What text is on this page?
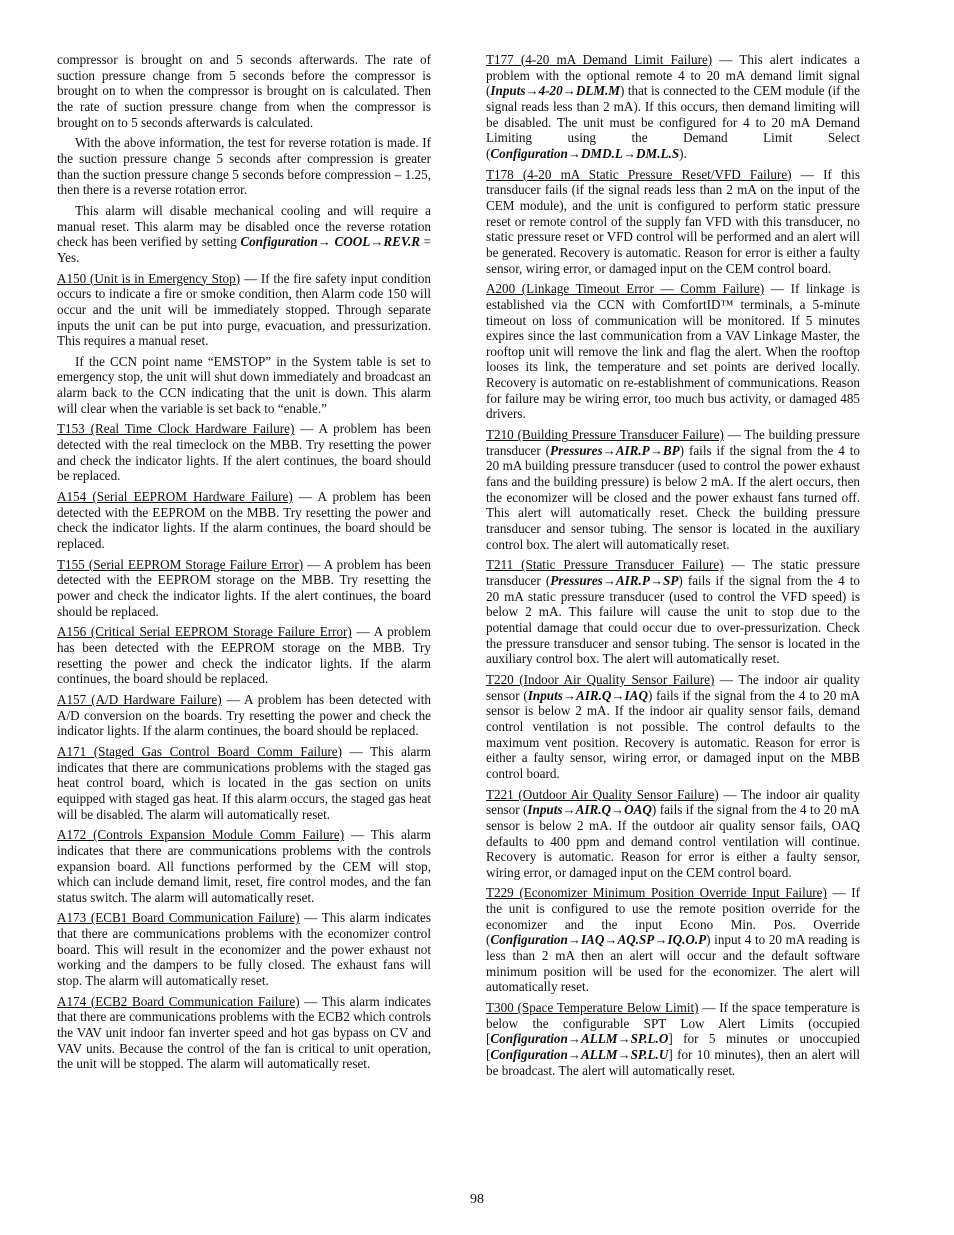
compressor is brought on and 5 seconds afterwards. The rate of suction pressure change from 5 seconds before the compressor is brought on to when the compressor is brought on is calculated. Then the rate of suction pressure change from when the compressor is brought on to 5 seconds afterwards is calculated.

With the above information, the test for reverse rotation is made. If the suction pressure change 5 seconds after compression is greater than the suction pressure change 5 seconds before compression – 1.25, then there is a reverse rotation error.

This alarm will disable mechanical cooling and will require a manual reset. This alarm may be disabled once the reverse rotation check has been verified by setting Configuration→ COOL→REV.R = Yes.

A150 (Unit is in Emergency Stop) — If the fire safety input condition occurs to indicate a fire or smoke condition, then Alarm code 150 will occur and the unit will be immediately stopped. Through separate inputs the unit can be put into purge, evacuation, and pressurization. This requires a manual reset.

If the CCN point name “EMSTOP” in the System table is set to emergency stop, the unit will shut down immediately and broadcast an alarm back to the CCN indicating that the unit is down. This alarm will clear when the variable is set back to “enable.”

T153 (Real Time Clock Hardware Failure) — A problem has been detected with the real timeclock on the MBB. Try resetting the power and check the indicator lights. If the alert continues, the board should be replaced.

A154 (Serial EEPROM Hardware Failure) — A problem has been detected with the EEPROM on the MBB. Try resetting the power and check the indicator lights. If the alarm continues, the board should be replaced.

T155 (Serial EEPROM Storage Failure Error) — A problem has been detected with the EEPROM storage on the MBB. Try resetting the power and check the indicator lights. If the alert continues, the board should be replaced.

A156 (Critical Serial EEPROM Storage Failure Error) — A problem has been detected with the EEPROM storage on the MBB. Try resetting the power and check the indicator lights. If the alarm continues, the board should be replaced.

A157 (A/D Hardware Failure) — A problem has been detected with A/D conversion on the boards. Try resetting the power and check the indicator lights. If the alarm continues, the board should be replaced.

A171 (Staged Gas Control Board Comm Failure) — This alarm indicates that there are communications problems with the staged gas heat control board, which is located in the gas section on units equipped with staged gas heat. If this alarm occurs, the staged gas heat will be disabled. The alarm will automatically reset.

A172 (Controls Expansion Module Comm Failure) — This alarm indicates that there are communications problems with the controls expansion board. All functions performed by the CEM will stop, which can include demand limit, reset, fire control modes, and the fan status switch. The alarm will automatically reset.

A173 (ECB1 Board Communication Failure) — This alarm indicates that there are communications problems with the economizer control board. This will result in the economizer and the power exhaust not working and the dampers to be fully closed. The exhaust fans will stop. The alarm will automatically reset.

A174 (ECB2 Board Communication Failure) — This alarm indicates that there are communications problems with the ECB2 which controls the VAV unit indoor fan inverter speed and hot gas bypass on CV and VAV units. Because the control of the fan is critical to unit operation, the unit will be stopped. The alarm will automatically reset.

T177 (4-20 mA Demand Limit Failure) — This alert indicates a problem with the optional remote 4 to 20 mA demand limit signal (Inputs→4-20→DLM.M) that is connected to the CEM module (if the signal reads less than 2 mA). If this occurs, then demand limiting will be disabled. The unit must be configured for 4 to 20 mA Demand Limiting using the Demand Limit Select (Configuration→DMD.L→DM.L.S).

T178 (4-20 mA Static Pressure Reset/VFD Failure) — If this transducer fails (if the signal reads less than 2 mA on the input of the CEM module), and the unit is configured to perform static pressure reset or remote control of the supply fan VFD with this transducer, no static pressure reset or VFD control will be performed and an alert will be generated. Recovery is automatic. Reason for error is either a faulty sensor, wiring error, or damaged input on the CEM control board.

A200 (Linkage Timeout Error — Comm Failure) — If linkage is established via the CCN with ComfortID™ terminals, a 5-minute timeout on loss of communication will be monitored. If 5 minutes expires since the last communication from a VAV Linkage Master, the rooftop unit will remove the link and flag the alert. When the rooftop looses its link, the temperature and set points are derived locally. Recovery is automatic on re-establishment of communications. Reason for failure may be wiring error, too much bus activity, or damaged 485 drivers.

T210 (Building Pressure Transducer Failure) — The building pressure transducer (Pressures→AIR.P→BP) fails if the signal from the 4 to 20 mA building pressure transducer (used to control the power exhaust fans and the building pressure) is below 2 mA. If the alert occurs, then the economizer will be closed and the power exhaust fans turned off. This alert will automatically reset. Check the building pressure transducer and sensor tubing. The sensor is located in the auxiliary control box. The alert will automatically reset.

T211 (Static Pressure Transducer Failure) — The static pressure transducer (Pressures→AIR.P→SP) fails if the signal from the 4 to 20 mA static pressure transducer (used to control the VFD speed) is below 2 mA. This failure will cause the unit to stop due to the potential damage that could occur due to over-pressurization. Check the pressure transducer and sensor tubing. The sensor is located in the auxiliary control box. The alert will automatically reset.

T220 (Indoor Air Quality Sensor Failure) — The indoor air quality sensor (Inputs→AIR.Q→IAQ) fails if the signal from the 4 to 20 mA sensor is below 2 mA. If the indoor air quality sensor fails, demand control ventilation is not possible. The control defaults to the maximum vent position. Recovery is automatic. Reason for error is either a faulty sensor, wiring error, or damaged input on the MBB control board.

T221 (Outdoor Air Quality Sensor Failure) — The indoor air quality sensor (Inputs→AIR.Q→OAQ) fails if the signal from the 4 to 20 mA sensor is below 2 mA. If the outdoor air quality sensor fails, OAQ defaults to 400 ppm and demand control ventilation will continue. Recovery is automatic. Reason for error is either a faulty sensor, wiring error, or damaged input on the CEM control board.

T229 (Economizer Minimum Position Override Input Failure) — If the unit is configured to use the remote position override for the economizer and the input Econo Min. Pos. Override (Configuration→IAQ→AQ.SP→IQ.O.P) input 4 to 20 mA reading is less than 2 mA then an alert will occur and the default software minimum position will be used for the economizer. The alert will automatically reset.

T300 (Space Temperature Below Limit) — If the space temperature is below the configurable SPT Low Alert Limits (occupied [Configuration→ALLM→SP.L.O] for 5 minutes or unoccupied [Configuration→ALLM→SP.L.U] for 10 minutes), then an alert will be broadcast. The alert will automatically reset.

98
